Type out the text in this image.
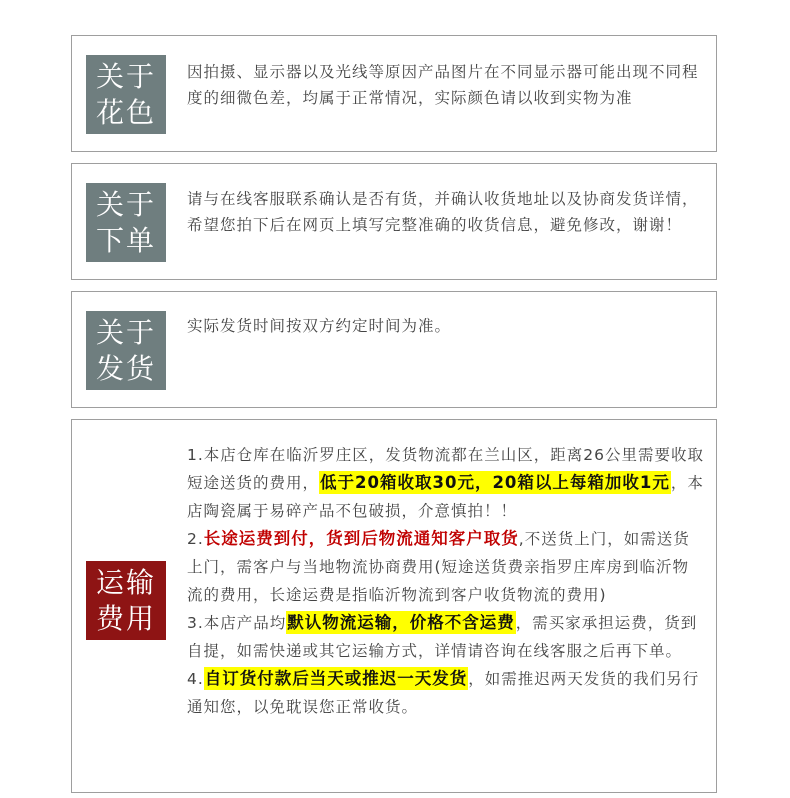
关于
花色

因拍摄、显示器以及光线等原因产品图片在不同显示器可能出现不同程度的细微色差，均属于正常情况，实际颜色请以收到实物为准

关于
下单

请与在线客服联系确认是否有货，并确认收货地址以及协商发货详情，希望您拍下后在网页上填写完整准确的收货信息，避免修改，谢谢！

关于
发货

实际发货时间按双方约定时间为准。

运输
费用

1.本店仓库在临沂罗庄区，发货物流都在兰山区，距离26公里需要收取短途送货的费用，低于20箱收取30元，20箱以上每箱加收1元，本店陶瓷属于易碎产品不包破损，介意慎拍！！

2.长途运费到付，货到后物流通知客户取货,不送货上门，如需送货上门，需客户与当地物流协商费用(短途送货费亲指罗庄库房到临沂物流的费用，长途运费是指临沂物流到客户收货物流的费用)

3.本店产品均默认物流运输，价格不含运费，需买家承担运费，货到自提，如需快递或其它运输方式，详情请咨询在线客服之后再下单。

4.自订货付款后当天或推迟一天发货，如需推迟两天发货的我们另行通知您，以免耽误您正常收货。
